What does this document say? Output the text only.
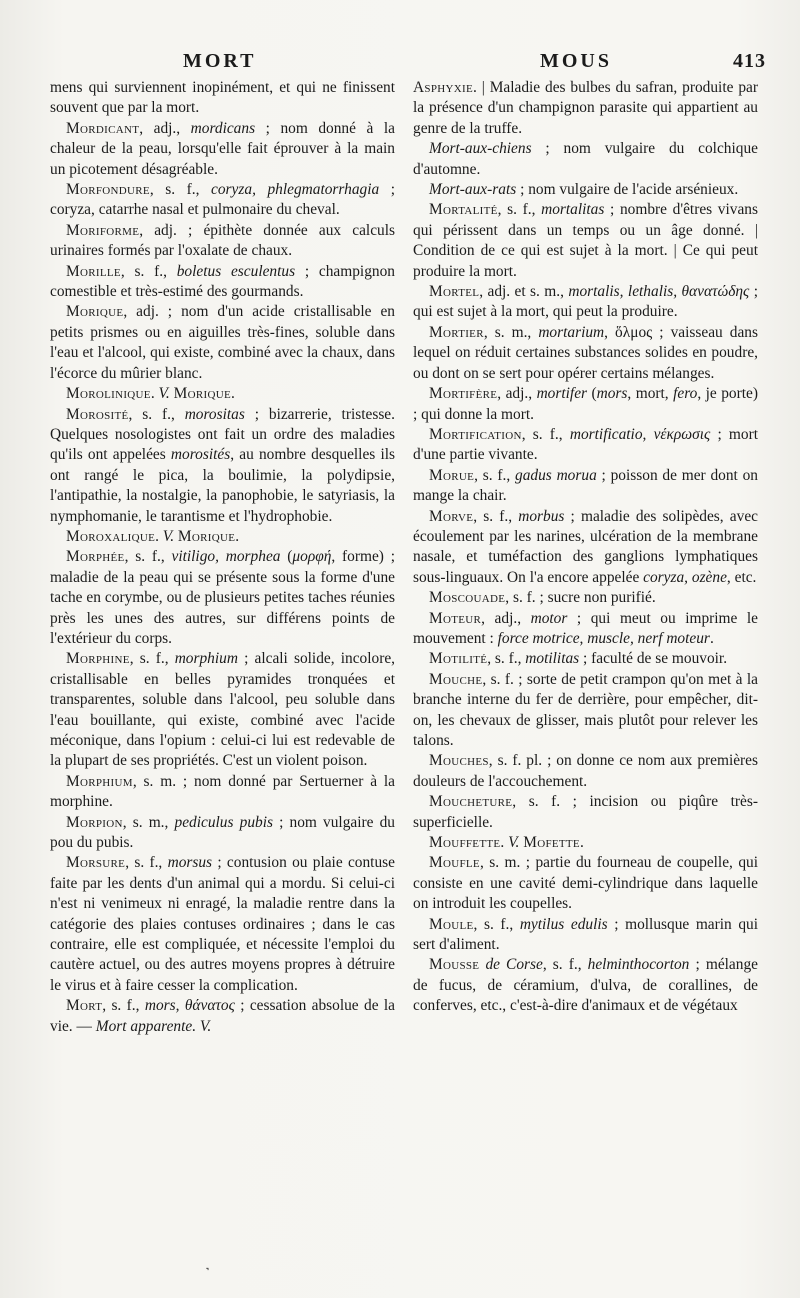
MORT	MOUS	413

mens qui surviennent inopinément, et qui ne finissent souvent que par la mort.

Mordicant, adj., mordicans ; nom donné à la chaleur de la peau, lorsqu'elle fait éprouver à la main un picotement désagréable.

Morfondure, s. f., coryza, phlegmatorrhagia ; coryza, catarrhe nasal et pulmonaire du cheval.

Moriforme, adj. ; épithète donnée aux calculs urinaires formés par l'oxalate de chaux.

Morille, s. f., boletus esculentus ; champignon comestible et très-estimé des gourmands.

Morique, adj. ; nom d'un acide cristallisable en petits prismes ou en aiguilles très-fines, soluble dans l'eau et l'alcool, qui existe, combiné avec la chaux, dans l'écorce du mûrier blanc.

Morolinique. V. Morique.

Morosité, s. f., morositas ; bizarrerie, tristesse. Quelques nosologistes ont fait un ordre des maladies qu'ils ont appelées morosités, au nombre desquelles ils ont rangé le pica, la boulimie, la polydipsie, l'antipathie, la nostalgie, la panophobie, le satyriasis, la nymphomanie, le tarantisme et l'hydrophobie.

Moroxalique. V. Morique.

Morphée, s. f., vitiligo, morphea (μορφή, forme) ; maladie de la peau qui se présente sous la forme d'une tache en corymbe, ou de plusieurs petites taches réunies près les unes des autres, sur différens points de l'extérieur du corps.

Morphine, s. f., morphium ; alcali solide, incolore, cristallisable en belles pyramides tronquées et transparentes, soluble dans l'alcool, peu soluble dans l'eau bouillante, qui existe, combiné avec l'acide méconique, dans l'opium : celui-ci lui est redevable de la plupart de ses propriétés. C'est un violent poison.

Morphium, s. m. ; nom donné par Sertuerner à la morphine.

Morpion, s. m., pediculus pubis ; nom vulgaire du pou du pubis.

Morsure, s. f., morsus ; contusion ou plaie contuse faite par les dents d'un animal qui a mordu. Si celui-ci n'est ni venimeux ni enragé, la maladie rentre dans la catégorie des plaies contuses ordinaires ; dans le cas contraire, elle est compliquée, et nécessite l'emploi du cautère actuel, ou des autres moyens propres à détruire le virus et à faire cesser la complication.

Mort, s. f., mors, θάνατος ; cessation absolue de la vie. — Mort apparente. V.

Asphyxie. | Maladie des bulbes du safran, produite par la présence d'un champignon parasite qui appartient au genre de la truffe.

Mort-aux-chiens ; nom vulgaire du colchique d'automne.

Mort-aux-rats ; nom vulgaire de l'acide arsénieux.

Mortalité, s. f., mortalitas ; nombre d'êtres vivans qui périssent dans un temps ou un âge donné. | Condition de ce qui est sujet à la mort. | Ce qui peut produire la mort.

Mortel, adj. et s. m., mortalis, lethalis, θανατώδης ; qui est sujet à la mort, qui peut la produire.

Mortier, s. m., mortarium, ὅλμος ; vaisseau dans lequel on réduit certaines substances solides en poudre, ou dont on se sert pour opérer certains mélanges.

Mortifère, adj., mortifer (mors, mort, fero, je porte) ; qui donne la mort.

Mortification, s. f., mortificatio, νέκρωσις ; mort d'une partie vivante.

Morue, s. f., gadus morua ; poisson de mer dont on mange la chair.

Morve, s. f., morbus ; maladie des solipèdes, avec écoulement par les narines, ulcération de la membrane nasale, et tuméfaction des ganglions lymphatiques sous-linguaux. On l'a encore appelée coryza, ozène, etc.

Moscouade, s. f. ; sucre non purifié.

Moteur, adj., motor ; qui meut ou imprime le mouvement : force motrice, muscle, nerf moteur.

Motilité, s. f., motilitas ; faculté de se mouvoir.

Mouche, s. f. ; sorte de petit crampon qu'on met à la branche interne du fer de derrière, pour empêcher, dit-on, les chevaux de glisser, mais plutôt pour relever les talons.

Mouches, s. f. pl. ; on donne ce nom aux premières douleurs de l'accouchement.

Moucheture, s. f. ; incision ou piqûre très-superficielle.

Mouffette. V. Mofette.

Moufle, s. m. ; partie du fourneau de coupelle, qui consiste en une cavité demi-cylindrique dans laquelle on introduit les coupelles.

Moule, s. f., mytilus edulis ; mollusque marin qui sert d'aliment.

Mousse de Corse, s. f., helminthocorton ; mélange de fucus, de céramium, d'ulva, de corallines, de conferves, etc., c'est-à-dire d'animaux et de végétaux

˺
